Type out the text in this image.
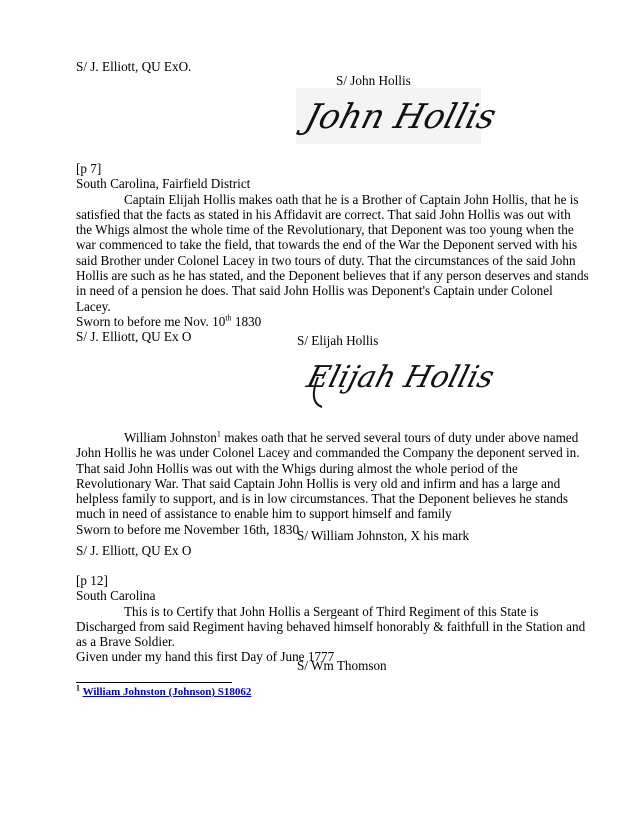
S/ J. Elliott, QU ExO.
S/ John Hollis
John Hollis
[p 7]
South Carolina, Fairfield District
Captain Elijah Hollis makes oath that he is a Brother of Captain John Hollis, that he is
satisfied that the facts as stated in his Affidavit are correct. That said John Hollis was out with
the Whigs almost the whole time of the Revolutionary, that Deponent was too young when the
war commenced to take the field, that towards the end of the War the Deponent served with his
said Brother under Colonel Lacey in two tours of duty. That the circumstances of the said John
Hollis are such as he has stated, and the Deponent believes that if any person deserves and stands
in need of a pension he does. That said John Hollis was Deponent's Captain under Colonel
Lacey.
Sworn to before me Nov. 10th 1830
S/ J. Elliott, QU Ex O	S/ Elijah Hollis
Elijah Hollis
William Johnston$^1$ makes oath that he served several tours of duty under above named
John Hollis he was under Colonel Lacey and commanded the Company the deponent served in.
That said John Hollis was out with the Whigs during almost the whole period of the
Revolutionary War. That said Captain John Hollis is very old and infirm and has a large and
helpless family to support, and is in low circumstances. That the Deponent believes he stands
much in need of assistance to enable him to support himself and family
Sworn to before me November 16th, 1830
S/ William Johnston, X his mark
S/ J. Elliott, QU Ex O
[p 12]
South Carolina
This is to Certify that John Hollis a Sergeant of Third Regiment of this State is
Discharged from said Regiment having behaved himself honorably & faithfull in the Station and
as a Brave Soldier.
Given under my hand this first Day of June 1777
S/ Wm Thomson
$^1$ William Johnston (Johnson) S18062
